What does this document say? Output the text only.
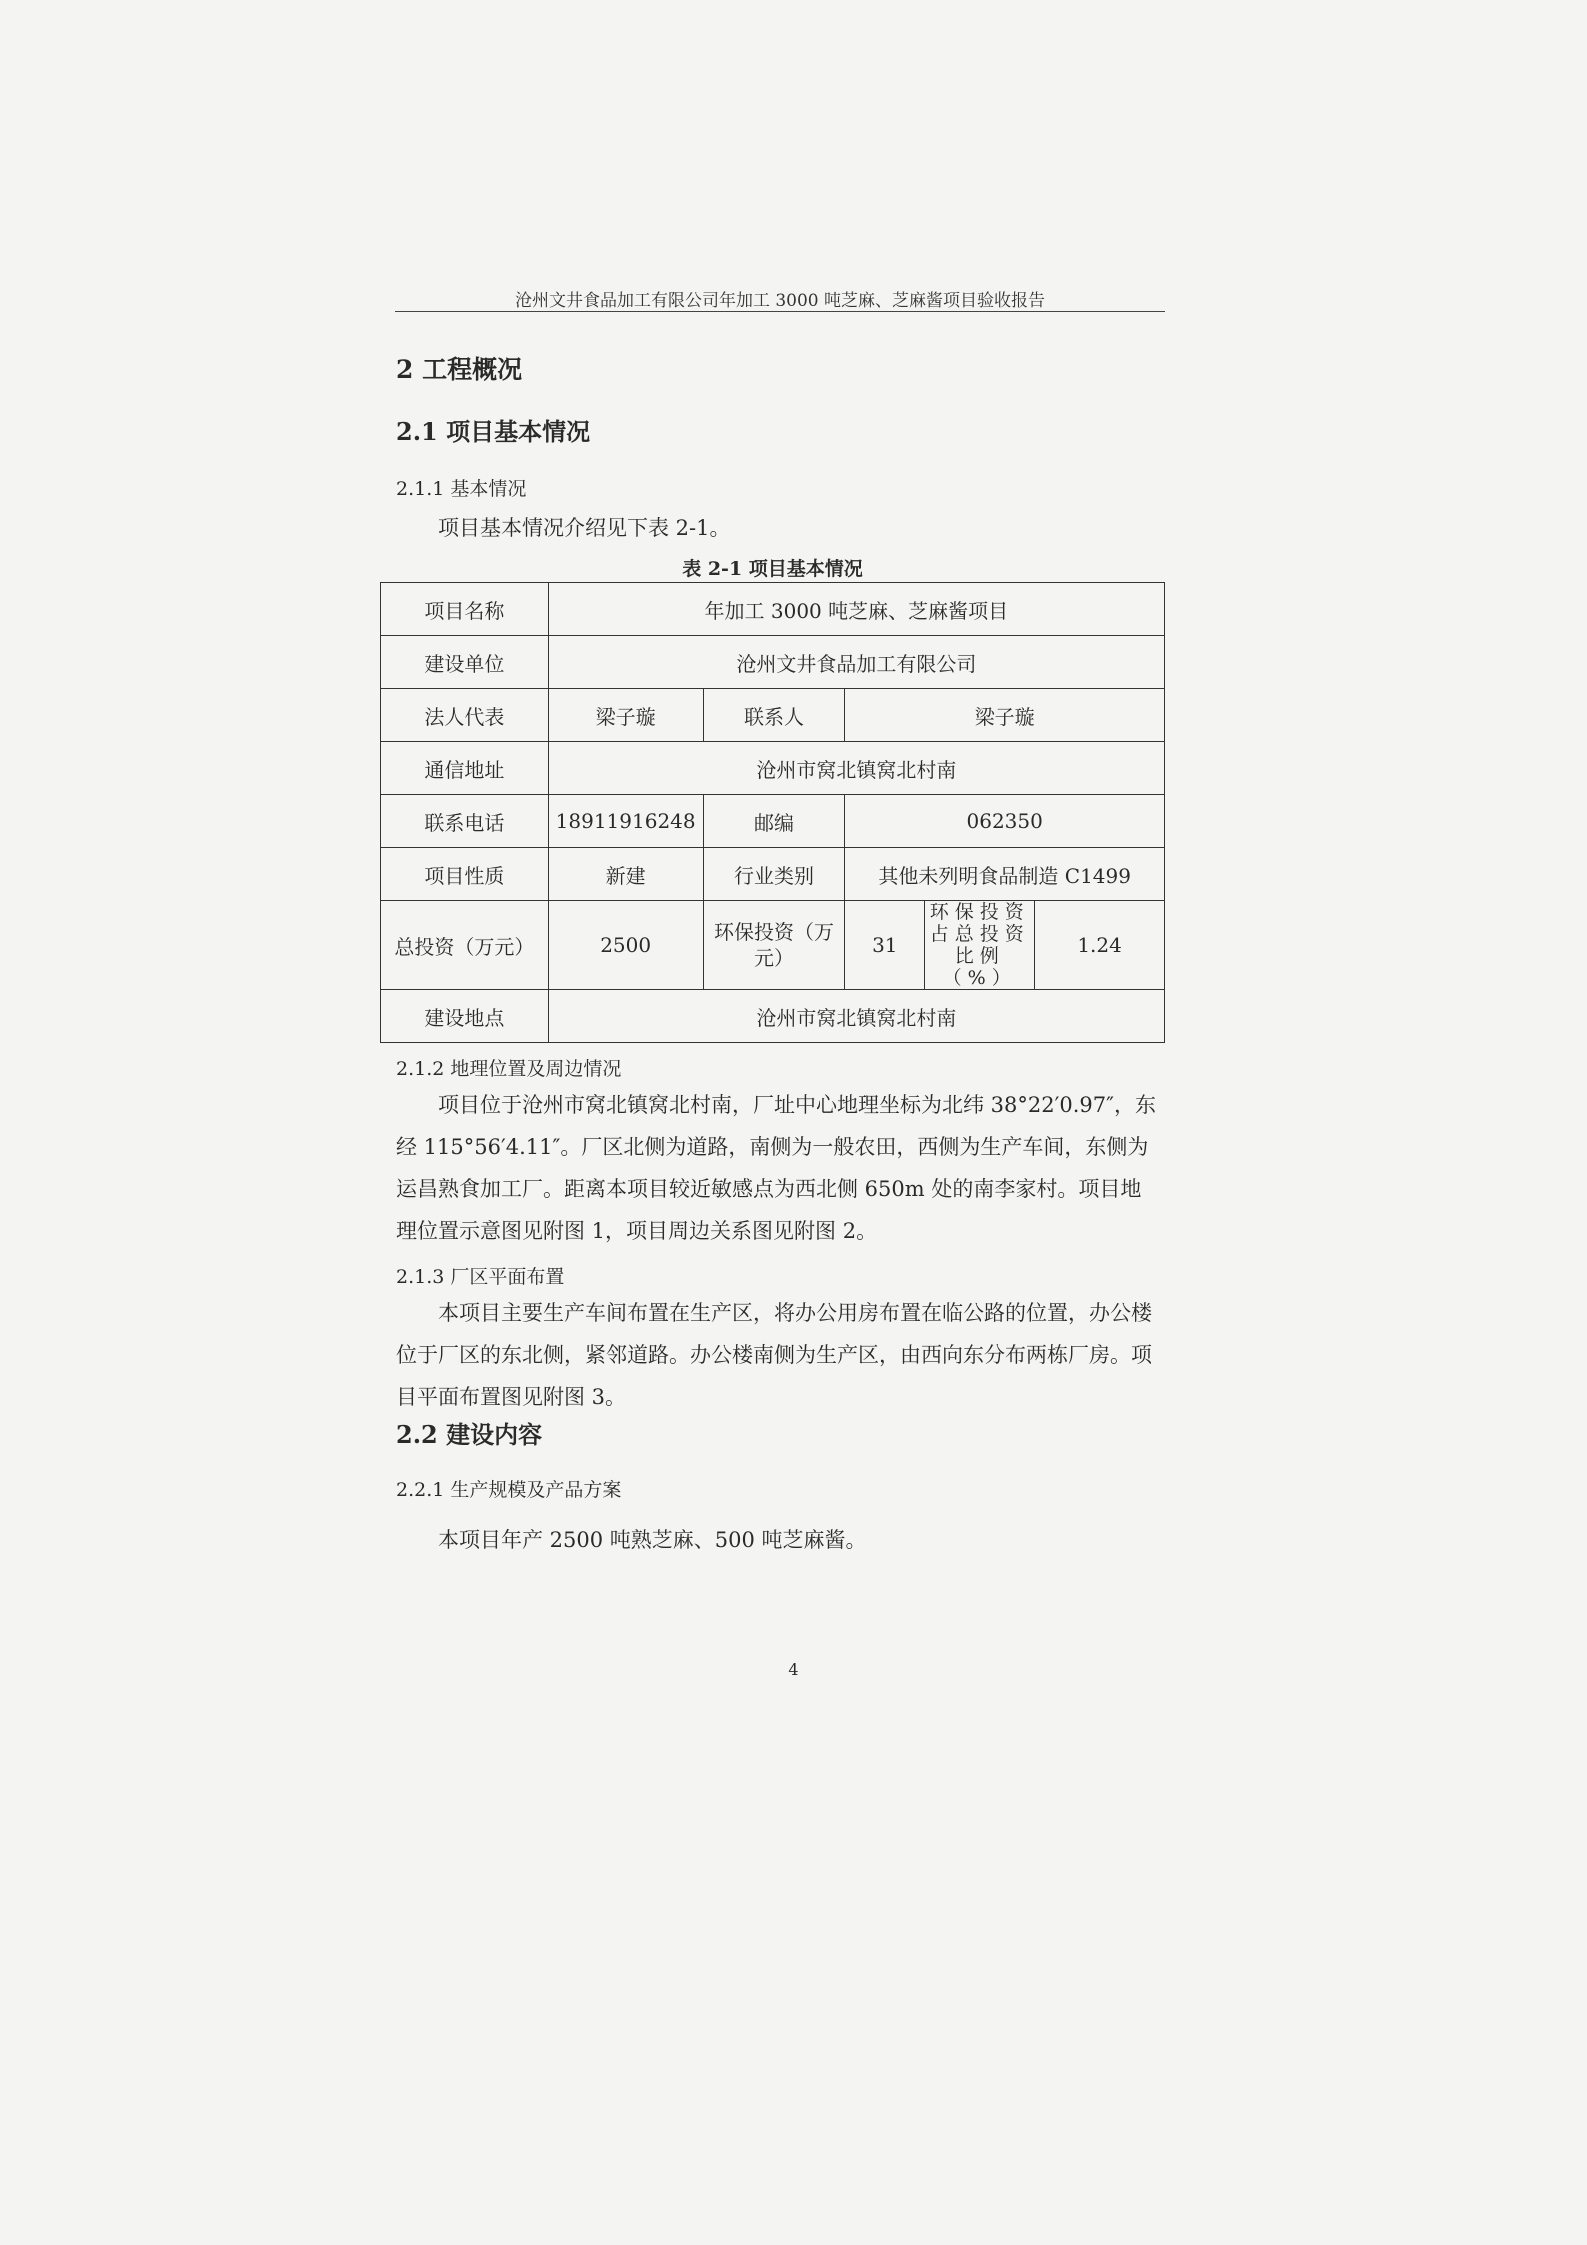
沧州文井食品加工有限公司年加工 3000 吨芝麻、芝麻酱项目验收报告
2 工程概况
2.1 项目基本情况
2.1.1 基本情况
项目基本情况介绍见下表 2-1。
表 2-1 项目基本情况
项目名称	年加工 3000 吨芝麻、芝麻酱项目				
建设单位	沧州文井食品加工有限公司				
法人代表	梁子璇	联系人	梁子璇		
通信地址	沧州市窝北镇窝北村南				
联系电话	18911916248	邮编	062350		
项目性质	新建	行业类别	其他未列明食品制造 C1499		
总投资（万元）	2500	环保投资（万元）	31	环保投资占总投资比例（%）	1.24
建设地点	沧州市窝北镇窝北村南				
2.1.2 地理位置及周边情况
项目位于沧州市窝北镇窝北村南，厂址中心地理坐标为北纬 38°22′0.97″，东经 115°56′4.11″。厂区北侧为道路，南侧为一般农田，西侧为生产车间，东侧为运昌熟食加工厂。距离本项目较近敏感点为西北侧 650m 处的南李家村。项目地理位置示意图见附图 1，项目周边关系图见附图 2。
2.1.3 厂区平面布置
本项目主要生产车间布置在生产区，将办公用房布置在临公路的位置，办公楼位于厂区的东北侧，紧邻道路。办公楼南侧为生产区，由西向东分布两栋厂房。项目平面布置图见附图 3。
2.2 建设内容
2.2.1 生产规模及产品方案
本项目年产 2500 吨熟芝麻、500 吨芝麻酱。
4
